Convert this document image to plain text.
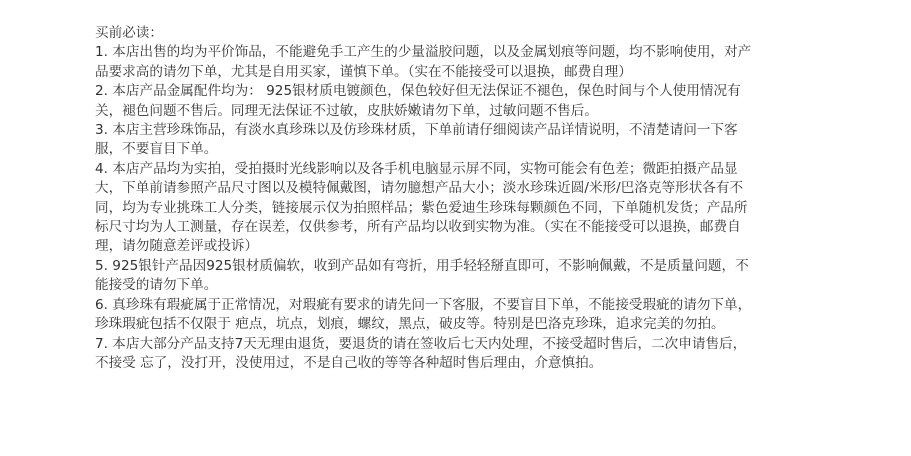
买前必读：

1. 本店出售的均为平价饰品，不能避免手工产生的少量溢胶问题，以及金属划痕等问题，均不影响使用，对产
品要求高的请勿下单，尤其是自用买家，谨慎下单。（实在不能接受可以退换，邮费自理）
2. 本店产品金属配件均为： 925银材质电镀颜色，保色较好但无法保证不褪色，保色时间与个人使用情况有
关，褪色问题不售后。同理无法保证不过敏，皮肤娇嫩请勿下单，过敏问题不售后。
3. 本店主营珍珠饰品，有淡水真珍珠以及仿珍珠材质，下单前请仔细阅读产品详情说明，不清楚请问一下客
服，不要盲目下单。
4. 本店产品均为实拍，受拍摄时光线影响以及各手机电脑显示屏不同，实物可能会有色差；微距拍摄产品显
大，下单前请参照产品尺寸图以及模特佩戴图，请勿臆想产品大小；淡水珍珠近圆/米形/巴洛克等形状各有不
同，均为专业挑珠工人分类，链接展示仅为拍照样品；紫色爱迪生珍珠每颗颜色不同，下单随机发货；产品所
标尺寸均为人工测量，存在误差，仅供参考，所有产品均以收到实物为准。（实在不能接受可以退换，邮费自
理，请勿随意差评或投诉）
5. 925银针产品因925银材质偏软，收到产品如有弯折，用手轻轻掰直即可，不影响佩戴，不是质量问题，不
能接受的请勿下单。
6. 真珍珠有瑕疵属于正常情况，对瑕疵有要求的请先问一下客服，不要盲目下单，不能接受瑕疵的请勿下单，
珍珠瑕疵包括不仅限于 疤点，坑点，划痕，螺纹，黑点，破皮等。特别是巴洛克珍珠，追求完美的勿拍。
7. 本店大部分产品支持7天无理由退货，要退货的请在签收后七天内处理，不接受超时售后，二次申请售后，
不接受 忘了，没打开，没使用过，不是自己收的等等各种超时售后理由，介意慎拍。
